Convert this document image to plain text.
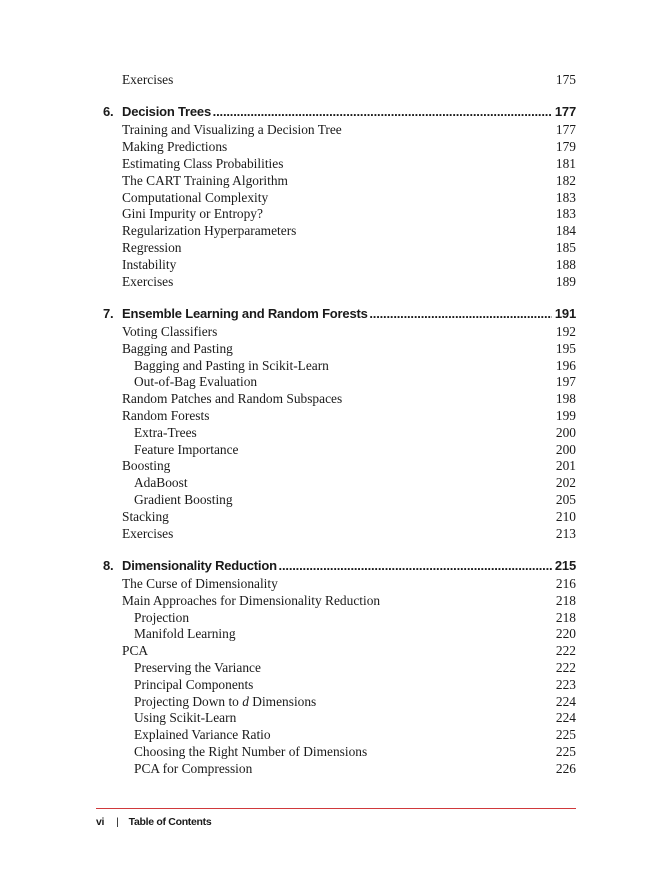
Exercises	175
6. Decision Trees . . .	177
Training and Visualizing a Decision Tree	177
Making Predictions	179
Estimating Class Probabilities	181
The CART Training Algorithm	182
Computational Complexity	183
Gini Impurity or Entropy?	183
Regularization Hyperparameters	184
Regression	185
Instability	188
Exercises	189
7. Ensemble Learning and Random Forests . . .	191
Voting Classifiers	192
Bagging and Pasting	195
Bagging and Pasting in Scikit-Learn	196
Out-of-Bag Evaluation	197
Random Patches and Random Subspaces	198
Random Forests	199
Extra-Trees	200
Feature Importance	200
Boosting	201
AdaBoost	202
Gradient Boosting	205
Stacking	210
Exercises	213
8. Dimensionality Reduction . . .	215
The Curse of Dimensionality	216
Main Approaches for Dimensionality Reduction	218
Projection	218
Manifold Learning	220
PCA	222
Preserving the Variance	222
Principal Components	223
Projecting Down to d Dimensions	224
Using Scikit-Learn	224
Explained Variance Ratio	225
Choosing the Right Number of Dimensions	225
PCA for Compression	226
vi | Table of Contents
